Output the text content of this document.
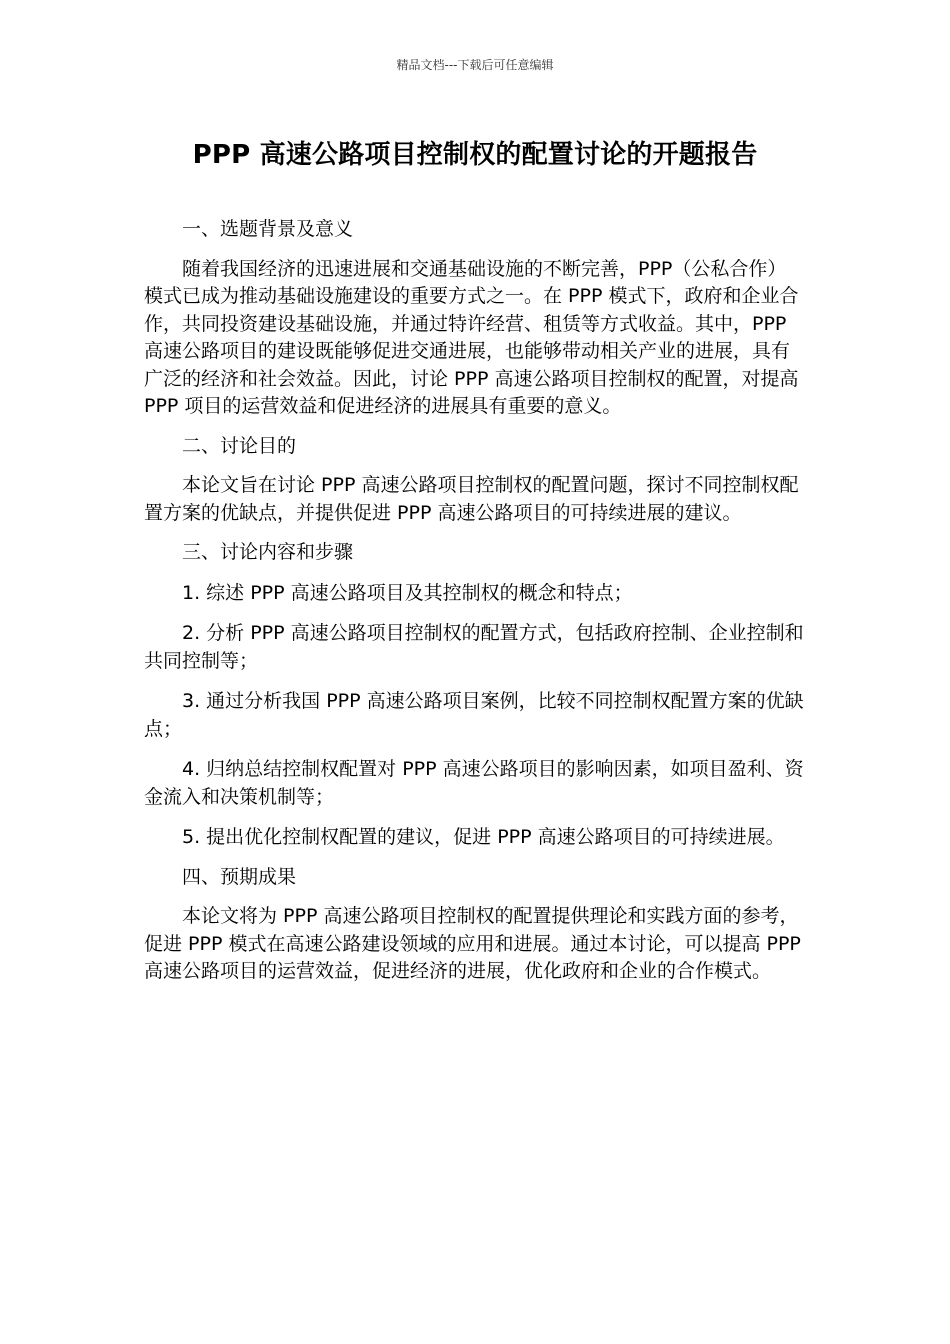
精品文档---下载后可任意编辑
PPP 高速公路项目控制权的配置讨论的开题报告

一、选题背景及意义

随着我国经济的迅速进展和交通基础设施的不断完善，PPP（公私合作）模式已成为推动基础设施建设的重要方式之一。在 PPP 模式下，政府和企业合作，共同投资建设基础设施，并通过特许经营、租赁等方式收益。其中，PPP 高速公路项目的建设既能够促进交通进展，也能够带动相关产业的进展，具有广泛的经济和社会效益。因此，讨论 PPP 高速公路项目控制权的配置，对提高 PPP 项目的运营效益和促进经济的进展具有重要的意义。

二、讨论目的

本论文旨在讨论 PPP 高速公路项目控制权的配置问题，探讨不同控制权配置方案的优缺点，并提供促进 PPP 高速公路项目的可持续进展的建议。

三、讨论内容和步骤

1. 综述 PPP 高速公路项目及其控制权的概念和特点；

2. 分析 PPP 高速公路项目控制权的配置方式，包括政府控制、企业控制和共同控制等；

3. 通过分析我国 PPP 高速公路项目案例，比较不同控制权配置方案的优缺点；

4. 归纳总结控制权配置对 PPP 高速公路项目的影响因素，如项目盈利、资金流入和决策机制等；

5. 提出优化控制权配置的建议，促进 PPP 高速公路项目的可持续进展。

四、预期成果

本论文将为 PPP 高速公路项目控制权的配置提供理论和实践方面的参考，促进 PPP 模式在高速公路建设领域的应用和进展。通过本讨论，可以提高 PPP 高速公路项目的运营效益，促进经济的进展，优化政府和企业的合作模式。
